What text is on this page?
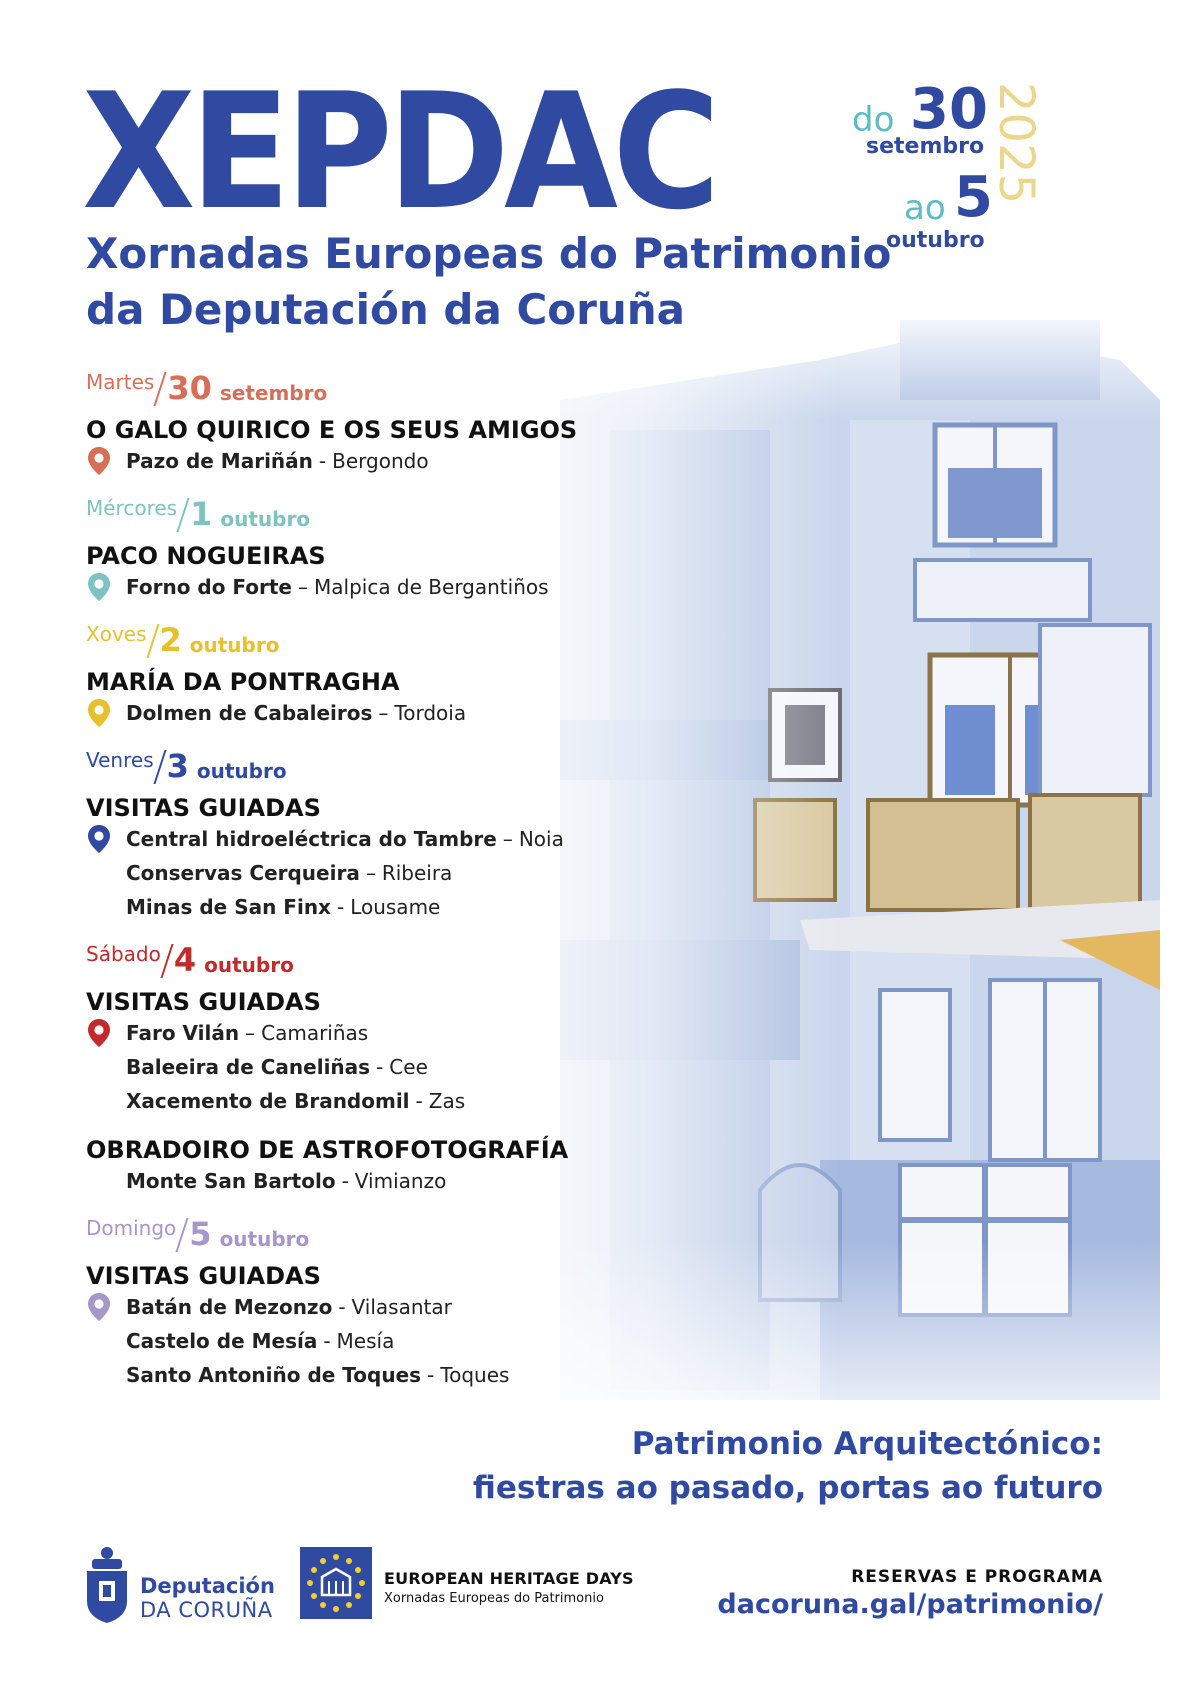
XEPDAC
Xornadas Europeas do Patrimonio
da Deputación da Coruña
do 30
setembro
ao 5
outubro
2025
Martes 30 setembro
O GALO QUIRICO E OS SEUS AMIGOS
Pazo de Mariñán - Bergondo
Mércores 1 outubro
PACO NOGUEIRAS
Forno do Forte – Malpica de Bergantiños
Xoves 2 outubro
MARÍA DA PONTRAGHA
Dolmen de Cabaleiros – Tordoia
Venres 3 outubro
VISITAS GUIADAS
Central hidroeléctrica do Tambre – Noia
Conservas Cerqueira – Ribeira
Minas de San Finx - Lousame
Sábado 4 outubro
VISITAS GUIADAS
Faro Vilán – Camariñas
Baleeira de Caneliñas - Cee
Xacemento de Brandomil - Zas
OBRADOIRO DE ASTROFOTOGRAFÍA
Monte San Bartolo - Vimianzo
Domingo 5 outubro
VISITAS GUIADAS
Batán de Mezonzo - Vilasantar
Castelo de Mesía - Mesía
Santo Antoniño de Toques - Toques
Patrimonio Arquitectónico:
fiestras ao pasado, portas ao futuro
Deputación
DA CORUÑA
EUROPEAN HERITAGE DAYS
Xornadas Europeas do Patrimonio
RESERVAS E PROGRAMA
dacoruna.gal/patrimonio/
